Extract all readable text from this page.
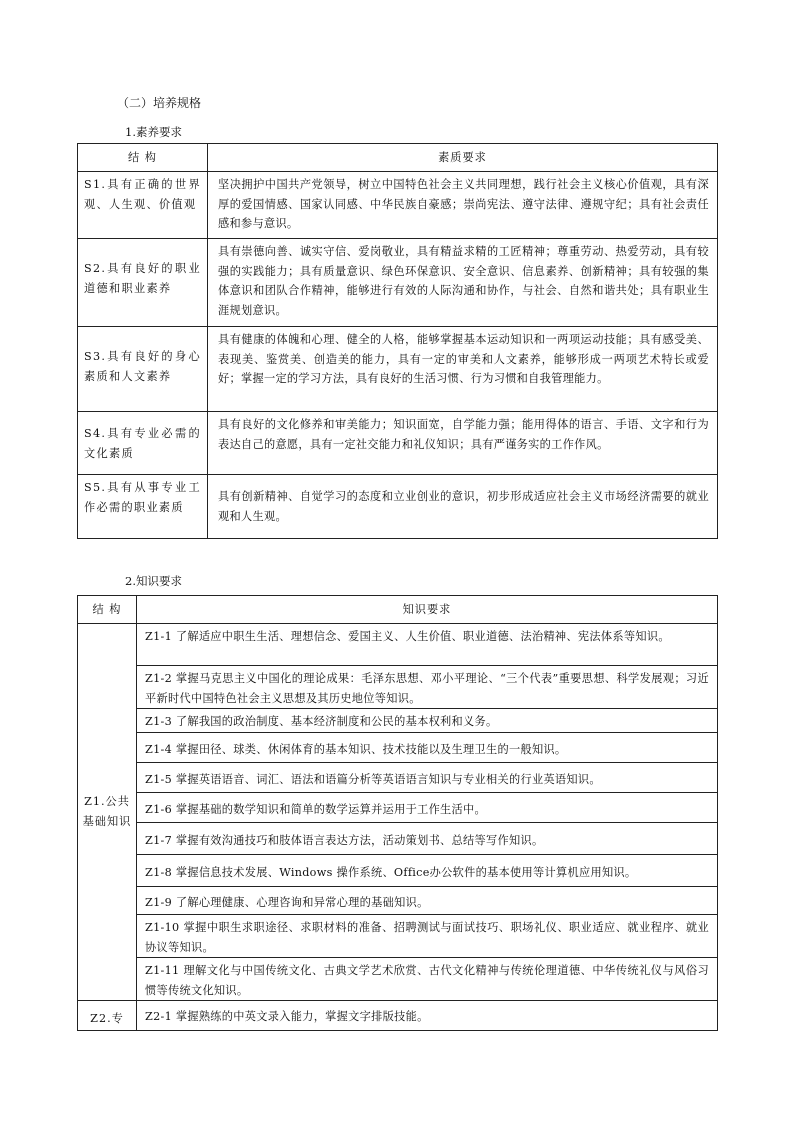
（二）培养规格
1.素养要求
结 构	素质要求
S1.具有正确的世界观、人生观、价值观	坚决拥护中国共产党领导，树立中国特色社会主义共同理想，践行社会主义核心价值观，具有深厚的爱国情感、国家认同感、中华民族自豪感；崇尚宪法、遵守法律、遵规守纪；具有社会责任感和参与意识。
S2.具有良好的职业道德和职业素养	具有崇德向善、诚实守信、爱岗敬业，具有精益求精的工匠精神；尊重劳动、热爱劳动，具有较强的实践能力；具有质量意识、绿色环保意识、安全意识、信息素养、创新精神；具有较强的集体意识和团队合作精神，能够进行有效的人际沟通和协作，与社会、自然和谐共处；具有职业生涯规划意识。
S3.具有良好的身心素质和人文素养	具有健康的体魄和心理、健全的人格，能够掌握基本运动知识和一两项运动技能；具有感受美、表现美、鉴赏美、创造美的能力，具有一定的审美和人文素养，能够形成一两项艺术特长或爱好；掌握一定的学习方法，具有良好的生活习惯、行为习惯和自我管理能力。
S4.具有专业必需的文化素质	具有良好的文化修养和审美能力；知识面宽，自学能力强；能用得体的语言、手语、文字和行为表达自己的意愿，具有一定社交能力和礼仪知识；具有严谨务实的工作作风。
S5.具有从事专业工作必需的职业素质	具有创新精神、自觉学习的态度和立业创业的意识，初步形成适应社会主义市场经济需要的就业观和人生观。
2.知识要求
结 构	知识要求
Z1.公共基础知识	Z1-1 了解适应中职生生活、理想信念、爱国主义、人生价值、职业道德、法治精神、宪法体系等知识。
	Z1-2 掌握马克思主义中国化的理论成果：毛泽东思想、邓小平理论、“三个代表”重要思想、科学发展观；习近平新时代中国特色社会主义思想及其历史地位等知识。
	Z1-3 了解我国的政治制度、基本经济制度和公民的基本权利和义务。
	Z1-4 掌握田径、球类、休闲体育的基本知识、技术技能以及生理卫生的一般知识。
	Z1-5 掌握英语语音、词汇、语法和语篇分析等英语语言知识与专业相关的行业英语知识。
	Z1-6 掌握基础的数学知识和简单的数学运算并运用于工作生活中。
	Z1-7 掌握有效沟通技巧和肢体语言表达方法，活动策划书、总结等写作知识。
	Z1-8 掌握信息技术发展、Windows 操作系统、Office办公软件的基本使用等计算机应用知识。
	Z1-9 了解心理健康、心理咨询和异常心理的基础知识。
	Z1-10 掌握中职生求职途径、求职材料的准备、招聘测试与面试技巧、职场礼仪、职业适应、就业程序、就业协议等知识。
	Z1-11 理解文化与中国传统文化、古典文学艺术欣赏、古代文化精神与传统伦理道德、中华传统礼仪与风俗习惯等传统文化知识。
Z2.专	Z2-1 掌握熟练的中英文录入能力，掌握文字排版技能。
